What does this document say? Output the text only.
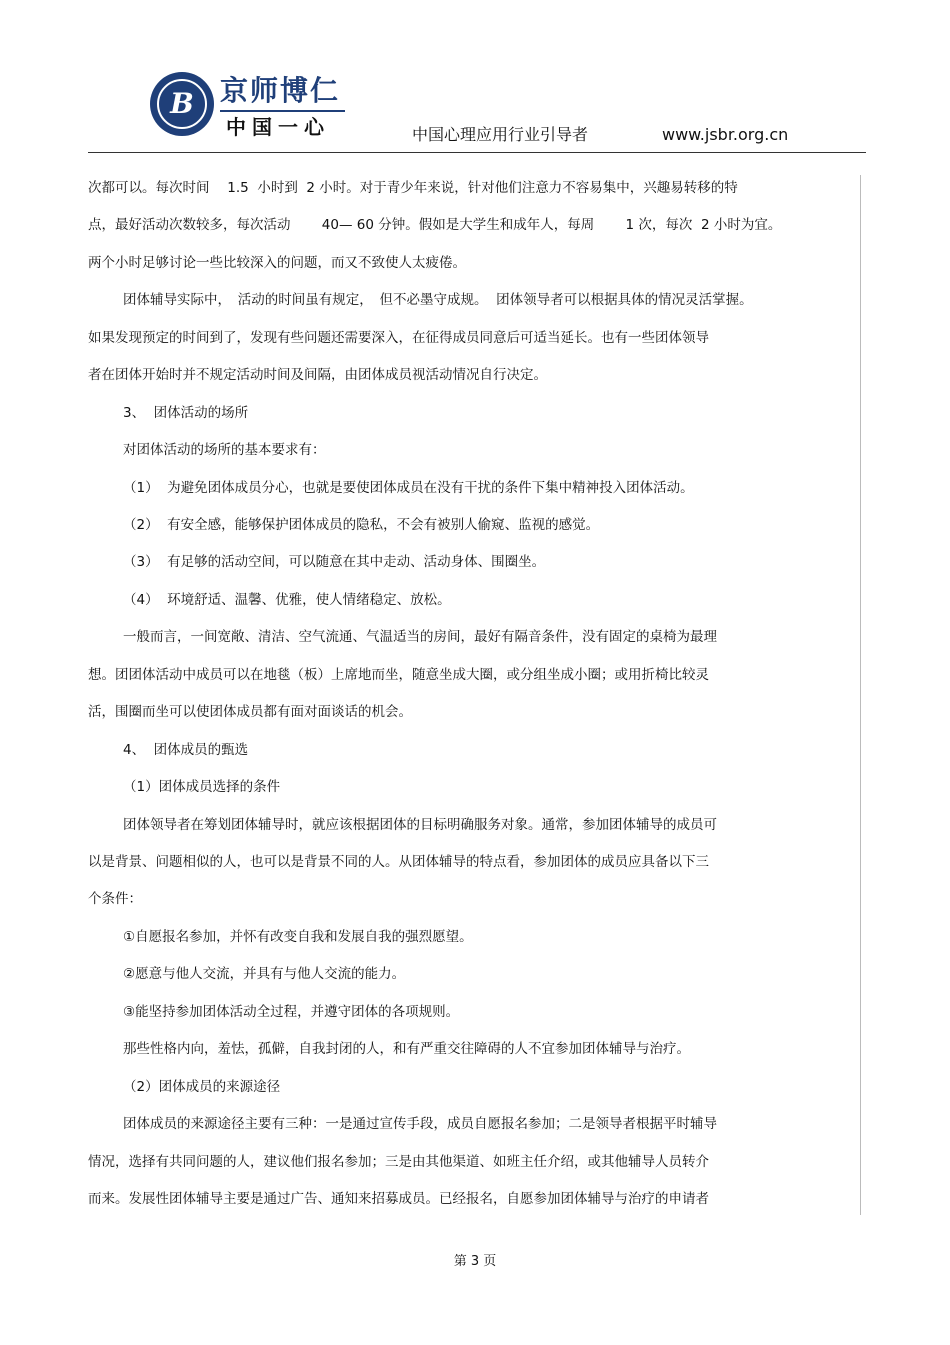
B 京师博仁
中国一心	中国心理应用行业引导者	www.jsbr.org.cn
次都可以。每次时间　 1.5  小时到  2 小时。对于青少年来说，针对他们注意力不容易集中，兴趣易转移的特
点，最好活动次数较多，每次活动　　 40— 60 分钟。假如是大学生和成年人，每周　　 1 次，每次  2 小时为宜。
两个小时足够讨论一些比较深入的问题，而又不致使人太疲倦。
团体辅导实际中，　活动的时间虽有规定，　但不必墨守成规。  团体领导者可以根据具体的情况灵活掌握。
如果发现预定的时间到了，发现有些问题还需要深入，在征得成员同意后可适当延长。也有一些团体领导
者在团体开始时并不规定活动时间及间隔，由团体成员视活动情况自行决定。
3、  团体活动的场所
对团体活动的场所的基本要求有：
（1）  为避免团体成员分心，也就是要使团体成员在没有干扰的条件下集中精神投入团体活动。
（2）  有安全感，能够保护团体成员的隐私，不会有被别人偷窥、监视的感觉。
（3）  有足够的活动空间，可以随意在其中走动、活动身体、围圈坐。
（4）  环境舒适、温馨、优雅，使人情绪稳定、放松。
一般而言，一间宽敞、清洁、空气流通、气温适当的房间，最好有隔音条件，没有固定的桌椅为最理
想。团团体活动中成员可以在地毯（板）上席地而坐，随意坐成大圈，或分组坐成小圈；或用折椅比较灵
活，围圈而坐可以使团体成员都有面对面谈话的机会。
4、  团体成员的甄选
（1）团体成员选择的条件
团体领导者在筹划团体辅导时，就应该根据团体的目标明确服务对象。通常，参加团体辅导的成员可
以是背景、问题相似的人，也可以是背景不同的人。从团体辅导的特点看，参加团体的成员应具备以下三
个条件：
①自愿报名参加，并怀有改变自我和发展自我的强烈愿望。
②愿意与他人交流，并具有与他人交流的能力。
③能坚持参加团体活动全过程，并遵守团体的各项规则。
那些性格内向，羞怯，孤僻，自我封闭的人，和有严重交往障碍的人不宜参加团体辅导与治疗。
（2）团体成员的来源途径
团体成员的来源途径主要有三种：一是通过宣传手段，成员自愿报名参加；二是领导者根据平时辅导
情况，选择有共同问题的人，建议他们报名参加；三是由其他渠道、如班主任介绍，或其他辅导人员转介
而来。发展性团体辅导主要是通过广告、通知来招募成员。已经报名，自愿参加团体辅导与治疗的申请者
第 3 页
